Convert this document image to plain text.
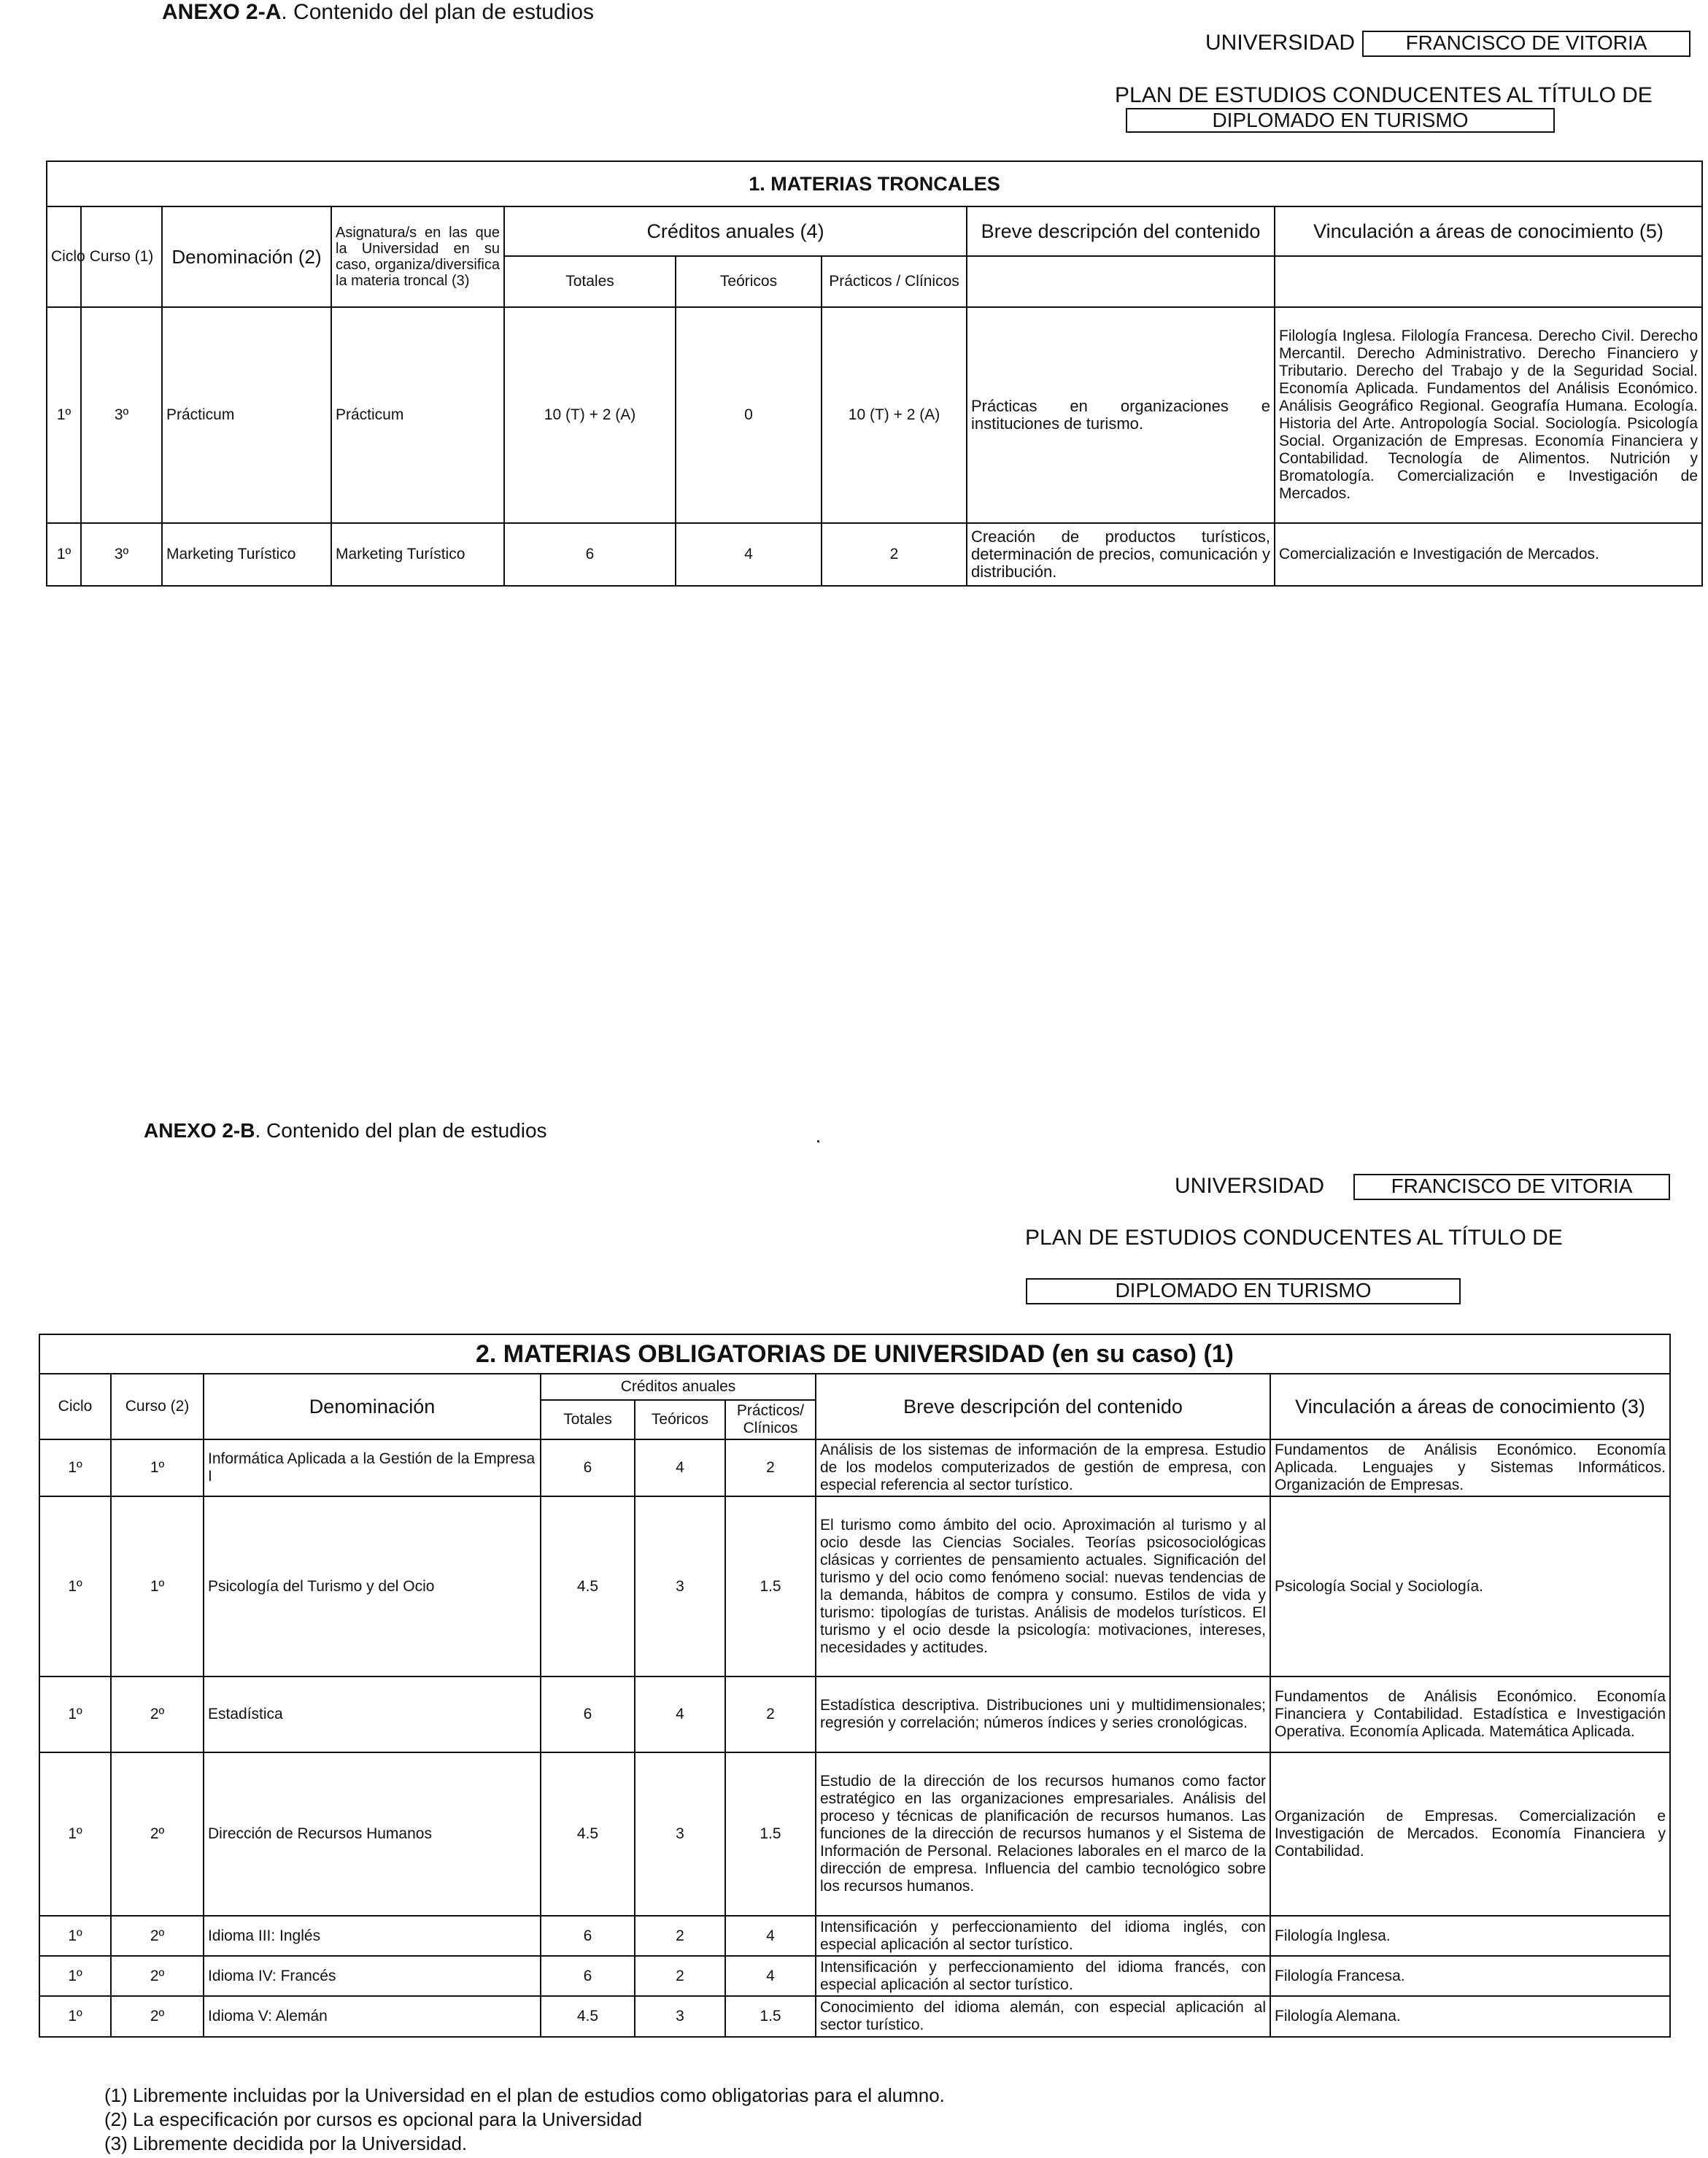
ANEXO 2-A. Contenido del plan de estudios
UNIVERSIDAD	FRANCISCO DE VITORIA
PLAN DE ESTUDIOS CONDUCENTES AL TÍTULO DE
DIPLOMADO EN TURISMO
1. MATERIAS TRONCALES								
Ciclo	Curso (1)	Denominación (2)	Asignatura/s en las que la Universidad en su caso, organiza/diversifica la materia troncal (3)	Créditos anuales (4)			Breve descripción del contenido	Vinculación a áreas de conocimiento (5)
				Totales	Teóricos	Prácticos / Clínicos		
1º	3º	Prácticum	Prácticum	10 (T) + 2 (A)	0	10 (T) + 2 (A)	Prácticas en organizaciones e instituciones de turismo.	Filología Inglesa. Filología Francesa. Derecho Civil. Derecho Mercantil. Derecho Administrativo. Derecho Financiero y Tributario. Derecho del Trabajo y de la Seguridad Social. Economía Aplicada. Fundamentos del Análisis Económico. Análisis Geográfico Regional. Geografía Humana. Ecología. Historia del Arte. Antropología Social. Sociología. Psicología Social. Organización de Empresas. Economía Financiera y Contabilidad. Tecnología de Alimentos. Nutrición y Bromatología. Comercialización e Investigación de Mercados.
1º	3º	Marketing Turístico	Marketing Turístico	6	4	2	Creación de productos turísticos, determinación de precios, comunicación y distribución.	Comercialización e Investigación de Mercados.
ANEXO 2-B. Contenido del plan de estudios
UNIVERSIDAD	FRANCISCO DE VITORIA
PLAN DE ESTUDIOS CONDUCENTES AL TÍTULO DE
DIPLOMADO EN TURISMO
2. MATERIAS OBLIGATORIAS DE UNIVERSIDAD (en su caso) (1)							
Ciclo	Curso (2)	Denominación	Créditos anuales			Breve descripción del contenido	Vinculación a áreas de conocimiento (3)
			Totales	Teóricos	Prácticos/ Clínicos		
1º	1º	Informática Aplicada a la Gestión de la Empresa I	6	4	2	Análisis de los sistemas de información de la empresa. Estudio de los modelos computerizados de gestión de empresa, con especial referencia al sector turístico.	Fundamentos de Análisis Económico. Economía Aplicada. Lenguajes y Sistemas Informáticos. Organización de Empresas.
1º	1º	Psicología del Turismo y del Ocio	4.5	3	1.5	El turismo como ámbito del ocio. Aproximación al turismo y al ocio desde las Ciencias Sociales. Teorías psicosociológicas clásicas y corrientes de pensamiento actuales. Significación del turismo y del ocio como fenómeno social: nuevas tendencias de la demanda, hábitos de compra y consumo. Estilos de vida y turismo: tipologías de turistas. Análisis de modelos turísticos. El turismo y el ocio desde la psicología: motivaciones, intereses, necesidades y actitudes.	Psicología Social y Sociología.
1º	2º	Estadística	6	4	2	Estadística descriptiva. Distribuciones uni y multidimensionales; regresión y correlación; números índices y series cronológicas.	Fundamentos de Análisis Económico. Economía Financiera y Contabilidad. Estadística e Investigación Operativa. Economía Aplicada. Matemática Aplicada.
1º	2º	Dirección de Recursos Humanos	4.5	3	1.5	Estudio de la dirección de los recursos humanos como factor estratégico en las organizaciones empresariales. Análisis del proceso y técnicas de planificación de recursos humanos. Las funciones de la dirección de recursos humanos y el Sistema de Información de Personal. Relaciones laborales en el marco de la dirección de empresa. Influencia del cambio tecnológico sobre los recursos humanos.	Organización de Empresas. Comercialización e Investigación de Mercados. Economía Financiera y Contabilidad.
1º	2º	Idioma III: Inglés	6	2	4	Intensificación y perfeccionamiento del idioma inglés, con especial aplicación al sector turístico.	Filología Inglesa.
1º	2º	Idioma IV: Francés	6	2	4	Intensificación y perfeccionamiento del idioma francés, con especial aplicación al sector turístico.	Filología Francesa.
1º	2º	Idioma V: Alemán	4.5	3	1.5	Conocimiento del idioma alemán, con especial aplicación al sector turístico.	Filología Alemana.
(1) Libremente incluidas por la Universidad en el plan de estudios como obligatorias para el alumno.
(2) La especificación por cursos es opcional para la Universidad
(3) Libremente decidida por la Universidad.
